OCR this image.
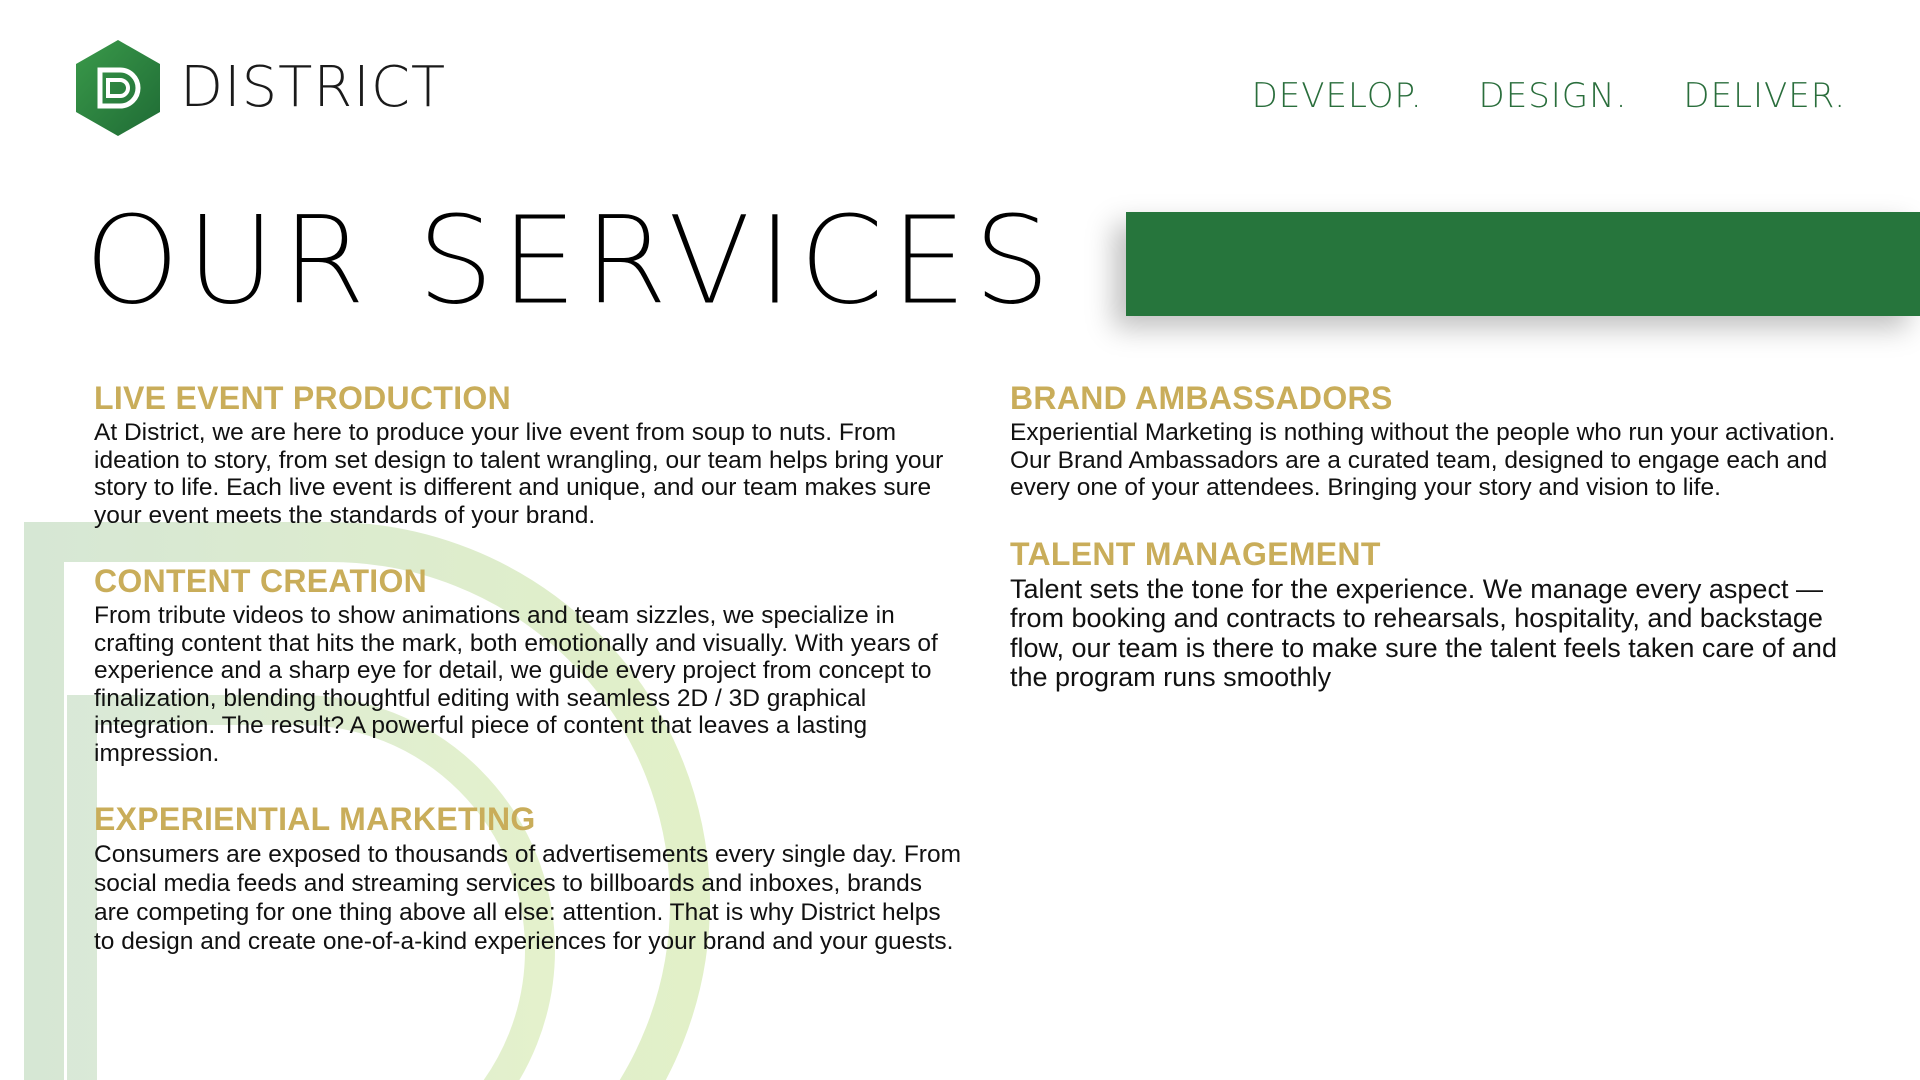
DISTRICT	DEVELOP. DESIGN. DELIVER.
OUR SERVICES
LIVE EVENT PRODUCTION

At District, we are here to produce your live event from soup to nuts. From ideation to story, from set design to talent wrangling, our team helps bring your story to life. Each live event is different and unique, and our team makes sure your event meets the standards of your brand.

CONTENT CREATION

From tribute videos to show animations and team sizzles, we specialize in crafting content that hits the mark, both emotionally and visually. With years of experience and a sharp eye for detail, we guide every project from concept to finalization, blending thoughtful editing with seamless 2D / 3D graphical integration. The result? A powerful piece of content that leaves a lasting impression.

EXPERIENTIAL MARKETING

Consumers are exposed to thousands of advertisements every single day. From social media feeds and streaming services to billboards and inboxes, brands are competing for one thing above all else: attention. That is why District helps to design and create one-of-a-kind experiences for your brand and your guests.

BRAND AMBASSADORS

Experiential Marketing is nothing without the people who run your activation. Our Brand Ambassadors are a curated team, designed to engage each and every one of your attendees. Bringing your story and vision to life.

TALENT MANAGEMENT

Talent sets the tone for the experience. We manage every aspect — from booking and contracts to rehearsals, hospitality, and backstage flow, our team is there to make sure the talent feels taken care of and the program runs smoothly
